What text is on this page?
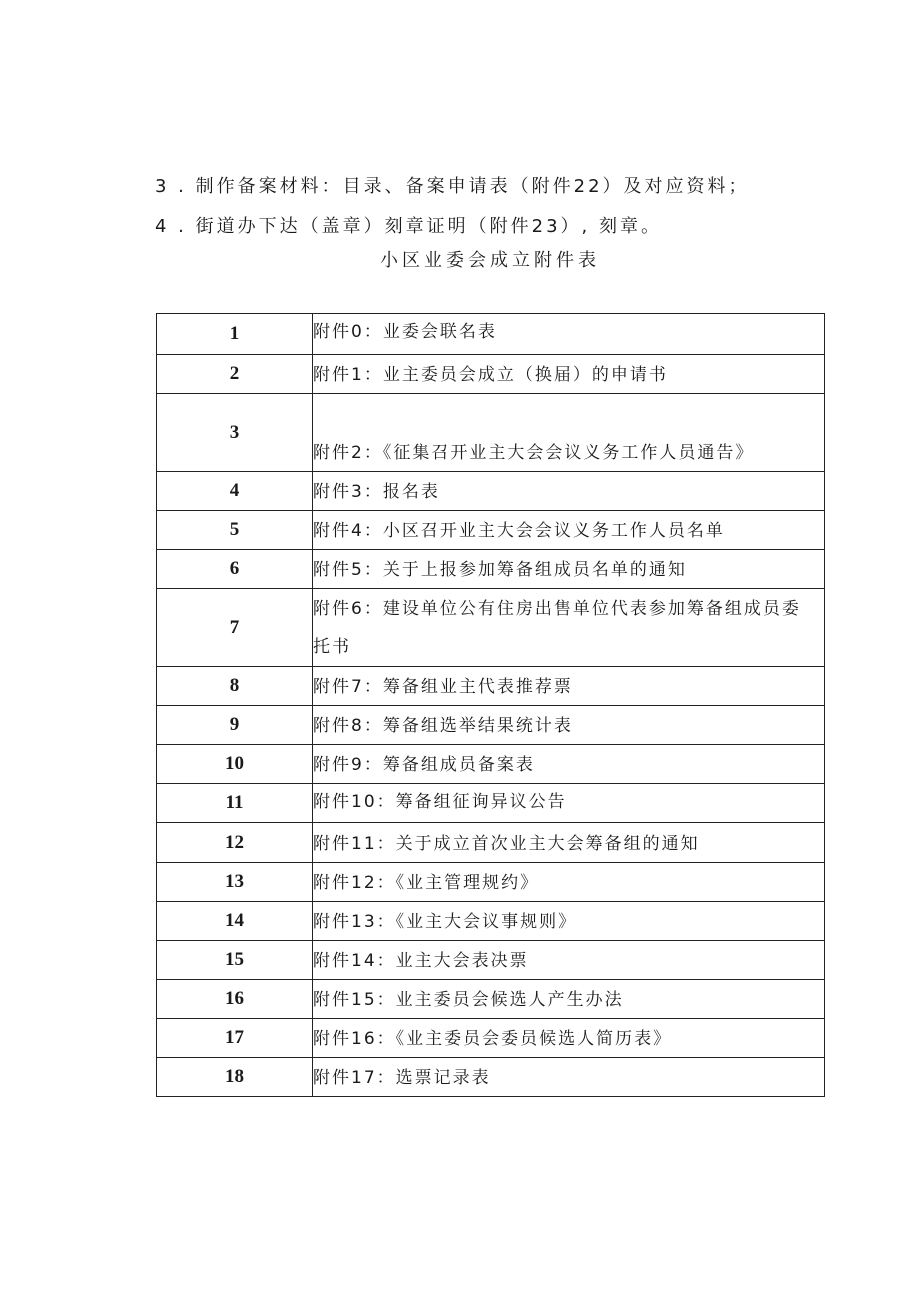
3 . 制作备案材料：目录、备案申请表（附件22）及对应资料；
4 . 街道办下达（盖章）刻章证明（附件23）, 刻章。
小区业委会成立附件表
1	附件0：业委会联名表
2	附件1：业主委员会成立（换届）的申请书
3	附件2：《征集召开业主大会会议义务工作人员通告》
4	附件3：报名表
5	附件4：小区召开业主大会会议义务工作人员名单
6	附件5：关于上报参加筹备组成员名单的通知
7	附件6：建设单位公有住房出售单位代表参加筹备组成员委托书
8	附件7：筹备组业主代表推荐票
9	附件8：筹备组选举结果统计表
10	附件9：筹备组成员备案表
11	附件10：筹备组征询异议公告
12	附件11：关于成立首次业主大会筹备组的通知
13	附件12：《业主管理规约》
14	附件13：《业主大会议事规则》
15	附件14：业主大会表决票
16	附件15：业主委员会候选人产生办法
17	附件16：《业主委员会委员候选人简历表》
18	附件17：选票记录表
